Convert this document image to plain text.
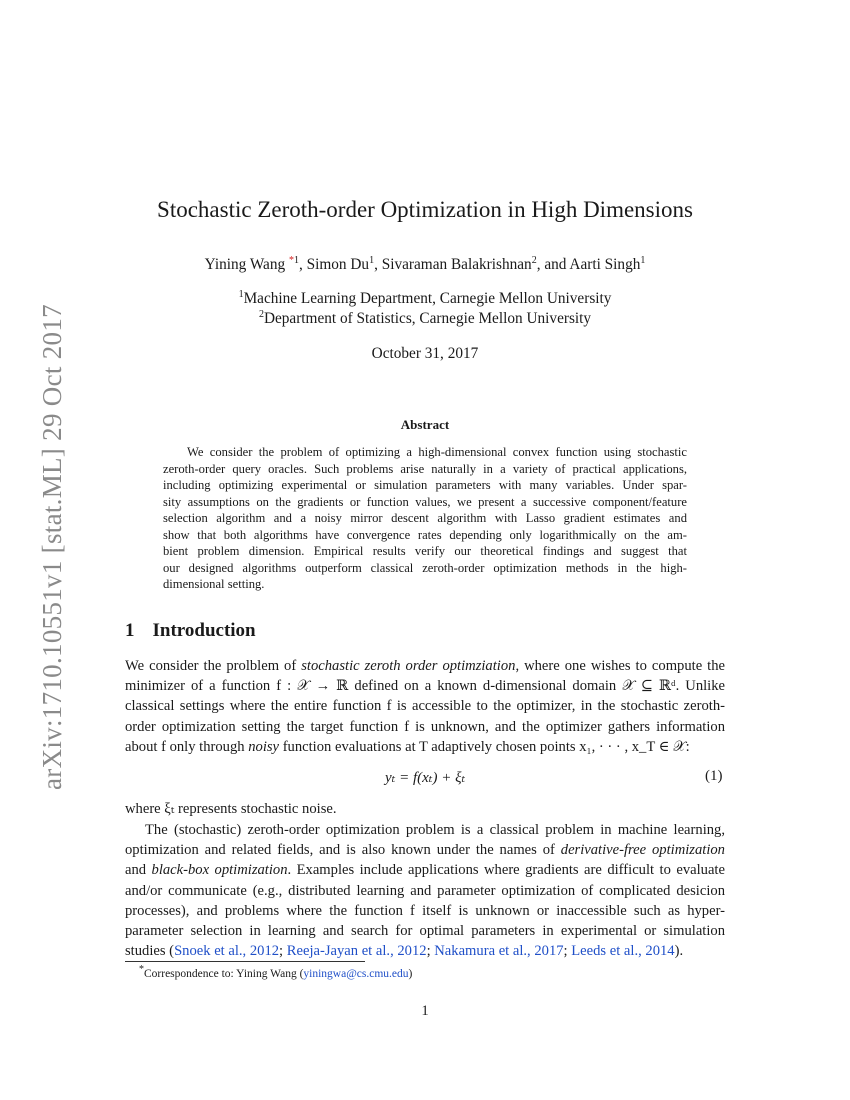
arXiv:1710.10551v1 [stat.ML] 29 Oct 2017
Stochastic Zeroth-order Optimization in High Dimensions
Yining Wang $^{*1}$, Simon Du$^1$, Sivaraman Balakrishnan$^2$, and Aarti Singh$^1$
$^1$Machine Learning Department, Carnegie Mellon University
$^2$Department of Statistics, Carnegie Mellon University
October 31, 2017
Abstract
We consider the problem of optimizing a high-dimensional convex function using stochastic
zeroth-order query oracles. Such problems arise naturally in a variety of practical applications,
including optimizing experimental or simulation parameters with many variables. Under spar-
sity assumptions on the gradients or function values, we present a successive component/feature
selection algorithm and a noisy mirror descent algorithm with Lasso gradient estimates and
show that both algorithms have convergence rates depending only logarithmically on the am-
bient problem dimension. Empirical results verify our theoretical findings and suggest that
our designed algorithms outperform classical zeroth-order optimization methods in the high-
dimensional setting.
1 Introduction
We consider the prolblem of stochastic zeroth order optimziation, where one wishes to compute the
minimizer of a function f : 𝒳 → ℝ defined on a known d-dimensional domain 𝒳 ⊆ ℝᵈ. Unlike
classical settings where the entire function f is accessible to the optimizer, in the stochastic zeroth-
order optimization setting the target function f is unknown, and the optimizer gathers information
about f only through noisy function evaluations at T adaptively chosen points x₁, · · · , x_T ∈ 𝒳:
yₜ = f(xₜ) + ξₜ	(1)
where ξₜ represents stochastic noise.
The (stochastic) zeroth-order optimization problem is a classical problem in machine learning,
optimization and related fields, and is also known under the names of derivative-free optimization
and black-box optimization. Examples include applications where gradients are difficult to evaluate
and/or communicate (e.g., distributed learning and parameter optimization of complicated desicion
processes), and problems where the function f itself is unknown or inaccessible such as hyper-
parameter selection in learning and search for optimal parameters in experimental or simulation
studies (Snoek et al., 2012; Reeja-Jayan et al., 2012; Nakamura et al., 2017; Leeds et al., 2014).
*Correspondence to: Yining Wang (yiningwa@cs.cmu.edu)
1
